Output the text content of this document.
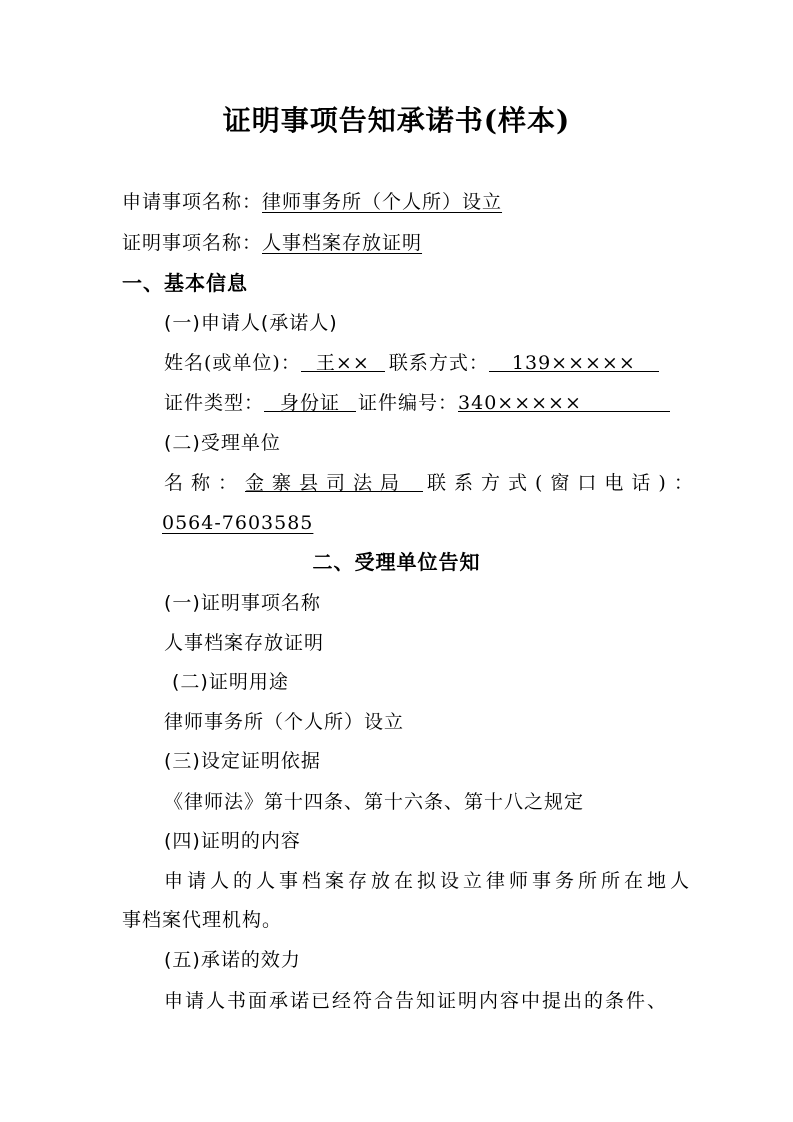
证明事项告知承诺书(样本)
申请事项名称：律师事务所（个人所）设立
证明事项名称：人事档案存放证明
一、基本信息
(一)申请人(承诺人)
姓名(或单位)： 王×× 联系方式： 139×××××
证件类型： 身份证 证件编号：340×××××
(二)受理单位
名称：金寨县司法局 联系方式(窗口电话)：
0564-7603585
二、受理单位告知
(一)证明事项名称
人事档案存放证明
(二)证明用途
律师事务所（个人所）设立
(三)设定证明依据
《律师法》第十四条、第十六条、第十八之规定
(四)证明的内容
申请人的人事档案存放在拟设立律师事务所所在地人
事档案代理机构。
(五)承诺的效力
申请人书面承诺已经符合告知证明内容中提出的条件、
